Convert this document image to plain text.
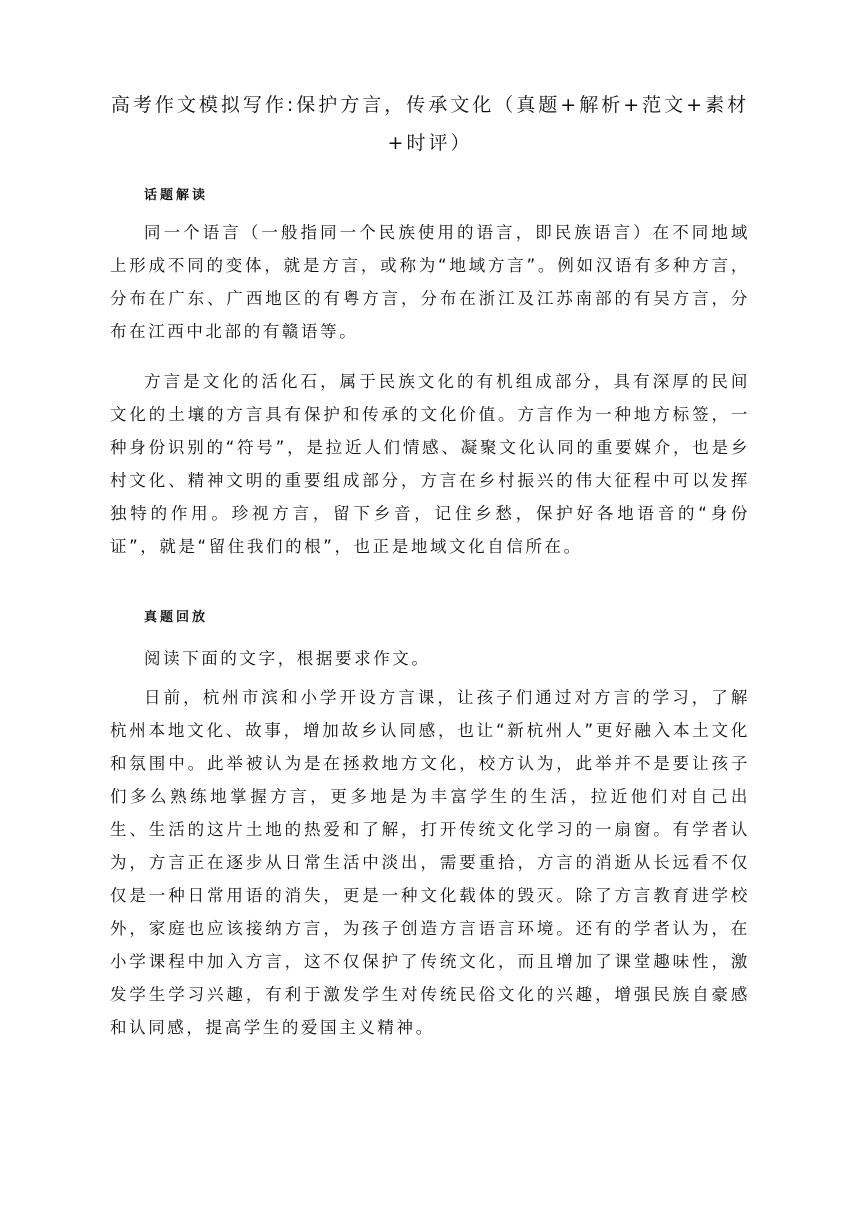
高考作文模拟写作:保护方言，传承文化（真题+解析+范文+素材+时评）
话题解读

同一个语言（一般指同一个民族使用的语言，即民族语言）在不同地域上形成不同的变体，就是方言，或称为“地域方言”。例如汉语有多种方言，分布在广东、广西地区的有粤方言，分布在浙江及江苏南部的有吴方言，分布在江西中北部的有赣语等。

方言是文化的活化石，属于民族文化的有机组成部分，具有深厚的民间文化的土壤的方言具有保护和传承的文化价值。方言作为一种地方标签，一种身份识别的“符号”，是拉近人们情感、凝聚文化认同的重要媒介，也是乡村文化、精神文明的重要组成部分，方言在乡村振兴的伟大征程中可以发挥独特的作用。珍视方言，留下乡音，记住乡愁，保护好各地语音的“身份证”，就是“留住我们的根”，也正是地域文化自信所在。

真题回放

阅读下面的文字，根据要求作文。

日前，杭州市滨和小学开设方言课，让孩子们通过对方言的学习，了解杭州本地文化、故事，增加故乡认同感，也让“新杭州人”更好融入本土文化和氛围中。此举被认为是在拯救地方文化，校方认为，此举并不是要让孩子们多么熟练地掌握方言，更多地是为丰富学生的生活，拉近他们对自己出生、生活的这片土地的热爱和了解，打开传统文化学习的一扇窗。有学者认为，方言正在逐步从日常生活中淡出，需要重拾，方言的消逝从长远看不仅仅是一种日常用语的消失，更是一种文化载体的毁灭。除了方言教育进学校外，家庭也应该接纳方言，为孩子创造方言语言环境。还有的学者认为，在小学课程中加入方言，这不仅保护了传统文化，而且增加了课堂趣味性，激发学生学习兴趣，有利于激发学生对传统民俗文化的兴趣，增强民族自豪感和认同感，提高学生的爱国主义精神。
